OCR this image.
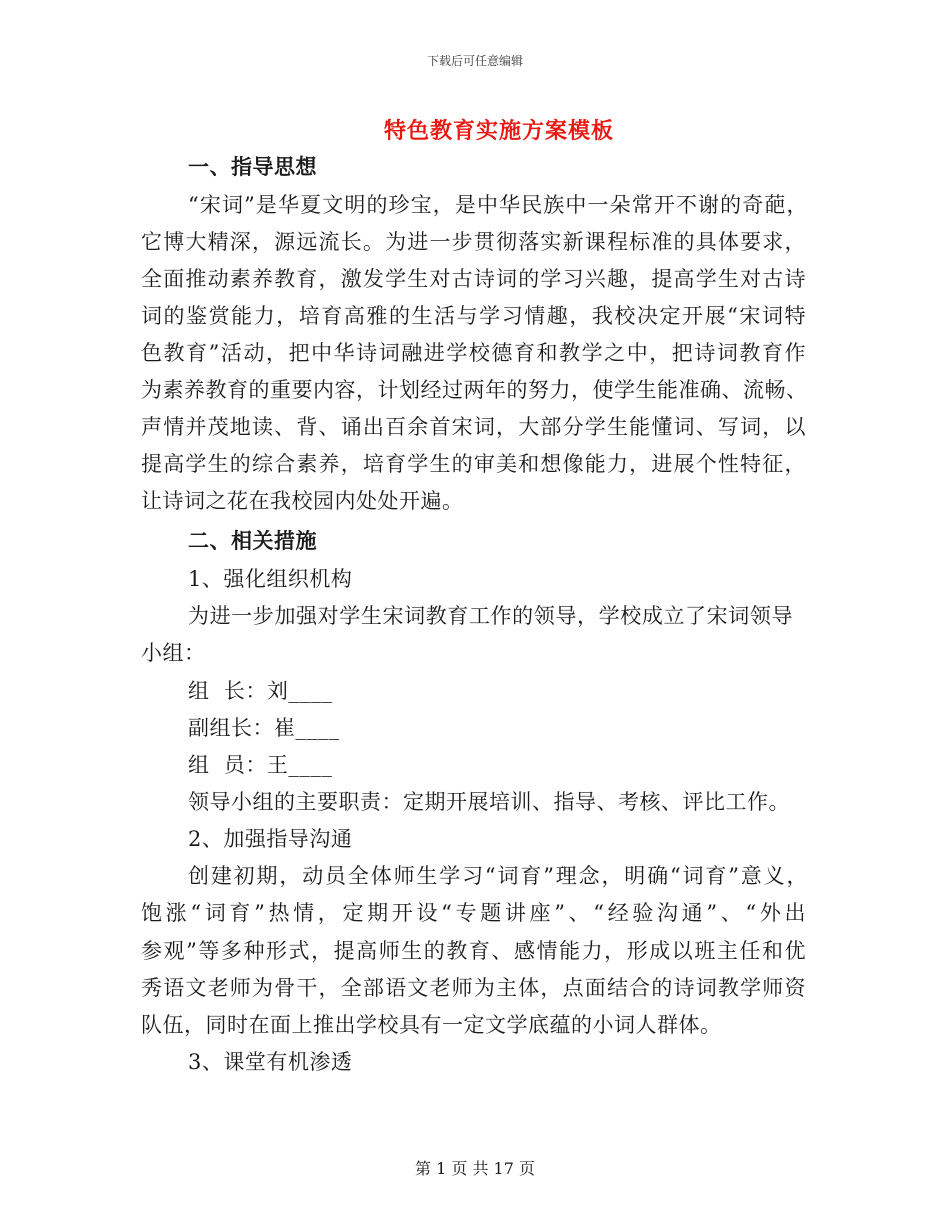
下载后可任意编辑
特色教育实施方案模板
一、指导思想
“宋词”是华夏文明的珍宝，是中华民族中一朵常开不谢的奇葩，
它博大精深，源远流长。为进一步贯彻落实新课程标准的具体要求，
全面推动素养教育，激发学生对古诗词的学习兴趣，提高学生对古诗
词的鉴赏能力，培育高雅的生活与学习情趣，我校决定开展“宋词特
色教育”活动，把中华诗词融进学校德育和教学之中，把诗词教育作
为素养教育的重要内容，计划经过两年的努力，使学生能准确、流畅、
声情并茂地读、背、诵出百余首宋词，大部分学生能懂词、写词，以
提高学生的综合素养，培育学生的审美和想像能力，进展个性特征，
让诗词之花在我校园内处处开遍。
二、相关措施
1、强化组织机构
为进一步加强对学生宋词教育工作的领导，学校成立了宋词领导
小组：
组  长：刘____
副组长：崔____
组  员：王____
领导小组的主要职责：定期开展培训、指导、考核、评比工作。
2、加强指导沟通
创建初期，动员全体师生学习“词育”理念，明确“词育”意义，
饱涨“词育”热情，定期开设“专题讲座”、“经验沟通”、“外出
参观”等多种形式，提高师生的教育、感情能力，形成以班主任和优
秀语文老师为骨干，全部语文老师为主体，点面结合的诗词教学师资
队伍，同时在面上推出学校具有一定文学底蕴的小词人群体。
3、课堂有机渗透
第 1 页 共 17 页
